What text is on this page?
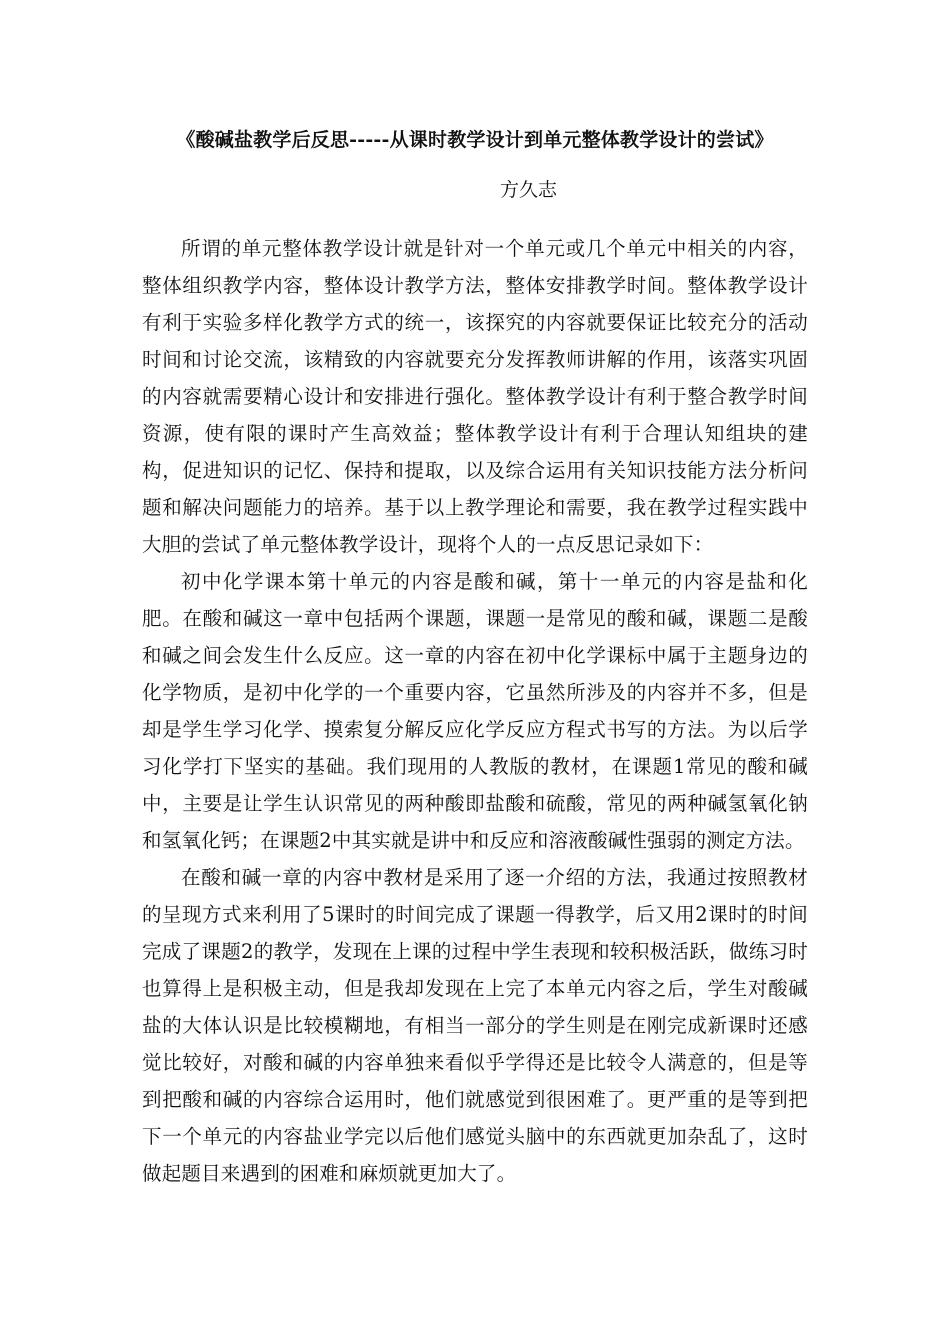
《酸碱盐教学后反思-----从课时教学设计到单元整体教学设计的尝试》
方久志

所谓的单元整体教学设计就是针对一个单元或几个单元中相关的内容，整体组织教学内容，整体设计教学方法，整体安排教学时间。整体教学设计有利于实验多样化教学方式的统一，该探究的内容就要保证比较充分的活动时间和讨论交流，该精致的内容就要充分发挥教师讲解的作用，该落实巩固的内容就需要精心设计和安排进行强化。整体教学设计有利于整合教学时间资源，使有限的课时产生高效益；整体教学设计有利于合理认知组块的建构，促进知识的记忆、保持和提取，以及综合运用有关知识技能方法分析问题和解决问题能力的培养。基于以上教学理论和需要，我在教学过程实践中大胆的尝试了单元整体教学设计，现将个人的一点反思记录如下：

初中化学课本第十单元的内容是酸和碱，第十一单元的内容是盐和化肥。在酸和碱这一章中包括两个课题，课题一是常见的酸和碱，课题二是酸和碱之间会发生什么反应。这一章的内容在初中化学课标中属于主题身边的化学物质，是初中化学的一个重要内容，它虽然所涉及的内容并不多，但是却是学生学习化学、摸索复分解反应化学反应方程式书写的方法。为以后学习化学打下坚实的基础。我们现用的人教版的教材，在课题1常见的酸和碱中，主要是让学生认识常见的两种酸即盐酸和硫酸，常见的两种碱氢氧化钠和氢氧化钙；在课题2中其实就是讲中和反应和溶液酸碱性强弱的测定方法。

在酸和碱一章的内容中教材是采用了逐一介绍的方法，我通过按照教材的呈现方式来利用了5课时的时间完成了课题一得教学，后又用2课时的时间完成了课题2的教学，发现在上课的过程中学生表现和较积极活跃，做练习时也算得上是积极主动，但是我却发现在上完了本单元内容之后，学生对酸碱盐的大体认识是比较模糊地，有相当一部分的学生则是在刚完成新课时还感觉比较好，对酸和碱的内容单独来看似乎学得还是比较令人满意的，但是等到把酸和碱的内容综合运用时，他们就感觉到很困难了。更严重的是等到把下一个单元的内容盐业学完以后他们感觉头脑中的东西就更加杂乱了，这时做起题目来遇到的困难和麻烦就更加大了。
